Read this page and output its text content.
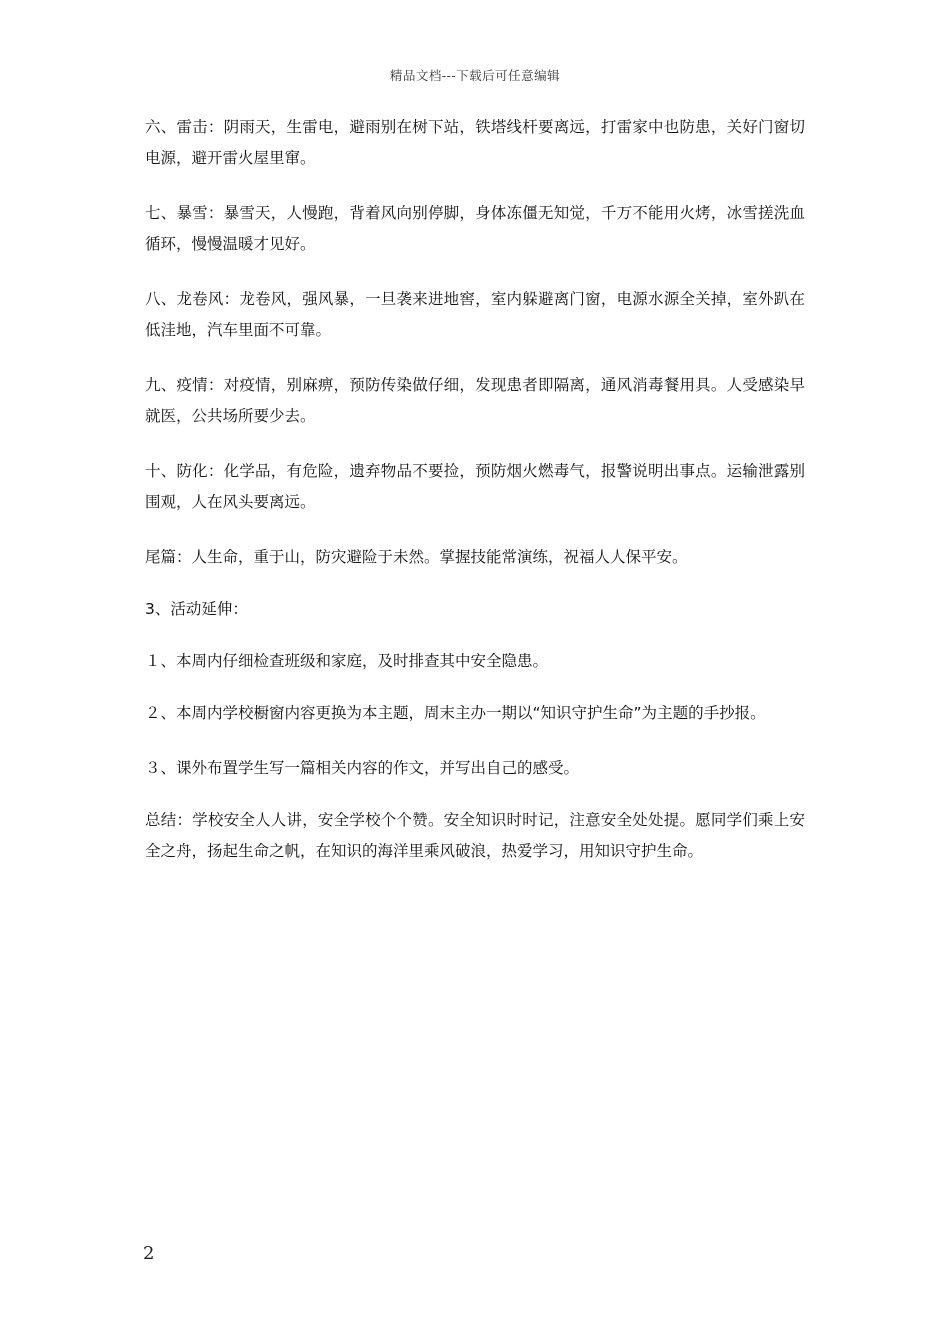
精品文档---下载后可任意编辑

六、雷击：阴雨天，生雷电，避雨别在树下站，铁塔线杆要离远，打雷家中也防患，关好门窗切电源，避开雷火屋里窜。

七、暴雪：暴雪天，人慢跑，背着风向别停脚，身体冻僵无知觉，千万不能用火烤，冰雪搓洗血循环，慢慢温暖才见好。

八、龙卷风：龙卷风，强风暴，一旦袭来进地窖，室内躲避离门窗，电源水源全关掉，室外趴在低洼地，汽车里面不可靠。

九、疫情：对疫情，别麻痹，预防传染做仔细，发现患者即隔离，通风消毒餐用具。人受感染早就医，公共场所要少去。

十、防化：化学品，有危险，遗弃物品不要捡，预防烟火燃毒气，报警说明出事点。运输泄露别围观，人在风头要离远。

尾篇：人生命，重于山，防灾避险于未然。掌握技能常演练，祝福人人保平安。

3、活动延伸：

１、本周内仔细检查班级和家庭，及时排查其中安全隐患。

２、本周内学校橱窗内容更换为本主题，周末主办一期以“知识守护生命”为主题的手抄报。

３、课外布置学生写一篇相关内容的作文，并写出自己的感受。

总结：学校安全人人讲，安全学校个个赞。安全知识时时记，注意安全处处提。愿同学们乘上安全之舟，扬起生命之帆，在知识的海洋里乘风破浪，热爱学习，用知识守护生命。

2
